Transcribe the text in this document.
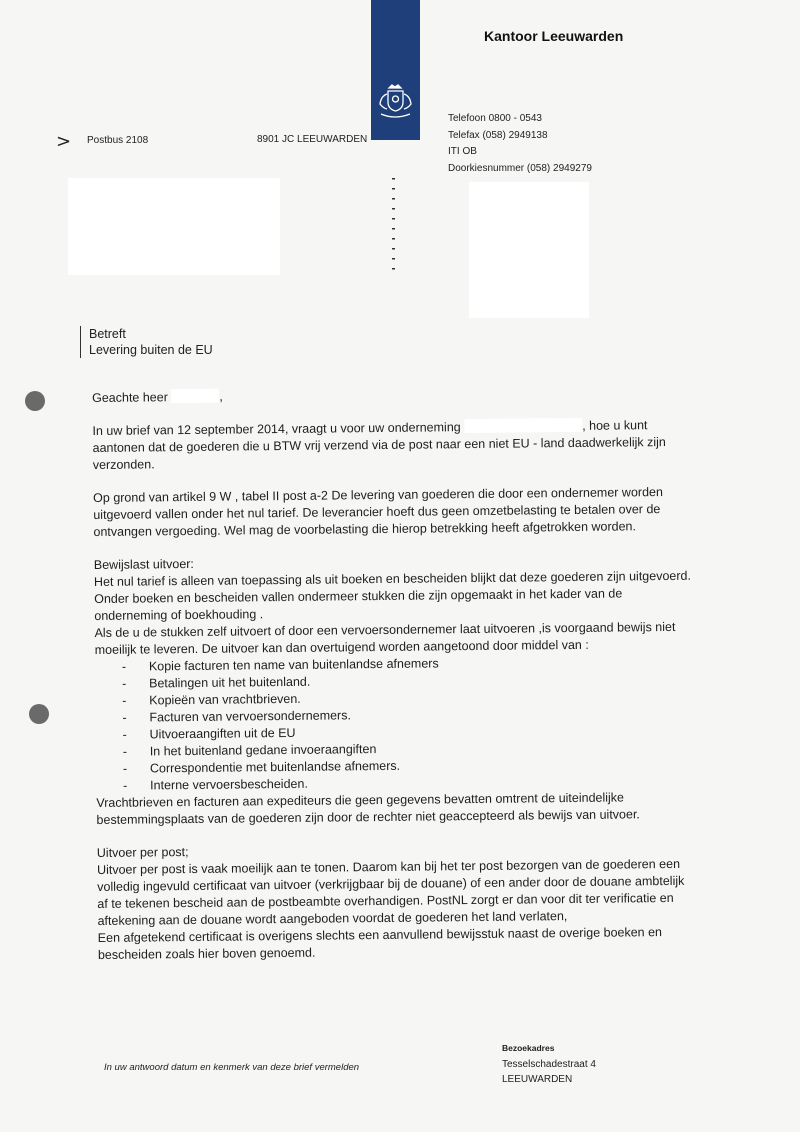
Kantoor Leeuwarden
Telefoon 0800 - 0543
Telefax (058) 2949138
ITI OB
Doorkiesnummer (058) 2949279
> Postbus 2108	8901 JC LEEUWARDEN
Betreft
Levering buiten de EU

Geachte heer	,

In uw brief van 12 september 2014, vraagt u voor uw onderneming	, hoe u kunt aantonen dat de goederen die u BTW vrij verzend via de post naar een niet EU - land daadwerkelijk zijn verzonden.

Op grond van artikel 9 W , tabel II post a-2 De levering van goederen die door een ondernemer worden uitgevoerd vallen onder het nul tarief. De leverancier hoeft dus geen omzetbelasting te betalen over de ontvangen vergoeding. Wel mag de voorbelasting die hierop betrekking heeft afgetrokken worden.

Bewijslast uitvoer:

Het nul tarief is alleen van toepassing als uit boeken en bescheiden blijkt dat deze goederen zijn uitgevoerd. Onder boeken en bescheiden vallen ondermeer stukken die zijn opgemaakt in het kader van de onderneming of boekhouding .

Als de u de stukken zelf uitvoert of door een vervoersondernemer laat uitvoeren ,is voorgaand bewijs niet moeilijk te leveren. De uitvoer kan dan overtuigend worden aangetoond door middel van :

- Kopie facturen ten name van buitenlandse afnemers
- Betalingen uit het buitenland.
- Kopieën van vrachtbrieven.
- Facturen van vervoersondernemers.
- Uitvoeraangiften uit de EU
- In het buitenland gedane invoeraangiften
- Correspondentie met buitenlandse afnemers.
- Interne vervoersbescheiden.

Vrachtbrieven en facturen aan expediteurs die geen gegevens bevatten omtrent de uiteindelijke bestemmingsplaats van de goederen zijn door de rechter niet geaccepteerd als bewijs van uitvoer.

Uitvoer per post;

Uitvoer per post is vaak moeilijk aan te tonen. Daarom kan bij het ter post bezorgen van de goederen een volledig ingevuld certificaat van uitvoer (verkrijgbaar bij de douane) of een ander door de douane ambtelijk af te tekenen bescheid aan de postbeambte overhandigen. PostNL zorgt er dan voor dit ter verificatie en aftekening aan de douane wordt aangeboden voordat de goederen het land verlaten,

Een afgetekend certificaat is overigens slechts een aanvullend bewijsstuk naast de overige boeken en bescheiden zoals hier boven genoemd.

In uw antwoord datum en kenmerk van deze brief vermelden
Bezoekadres
Tesselschadestraat 4
LEEUWARDEN
